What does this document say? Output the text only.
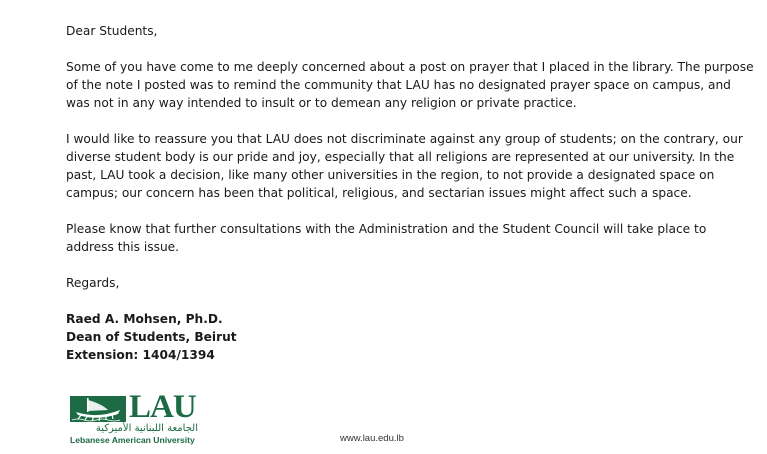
Dear Students,

Some of you have come to me deeply concerned about a post on prayer that I placed in the library. The purpose of the note I posted was to remind the community that LAU has no designated prayer space on campus, and was not in any way intended to insult or to demean any religion or private practice.

I would like to reassure you that LAU does not discriminate against any group of students; on the contrary, our diverse student body is our pride and joy, especially that all religions are represented at our university. In the past, LAU took a decision, like many other universities in the region, to not provide a designated space on campus; our concern has been that political, religious, and sectarian issues might affect such a space.

Please know that further consultations with the Administration and the Student Council will take place to address this issue.

Regards,

Raed A. Mohsen, Ph.D.

Dean of Students, Beirut

Extension: 1404/1394

LAU
الجامعة اللبنانية الأميركية
Lebanese American University	www.lau.edu.lb
